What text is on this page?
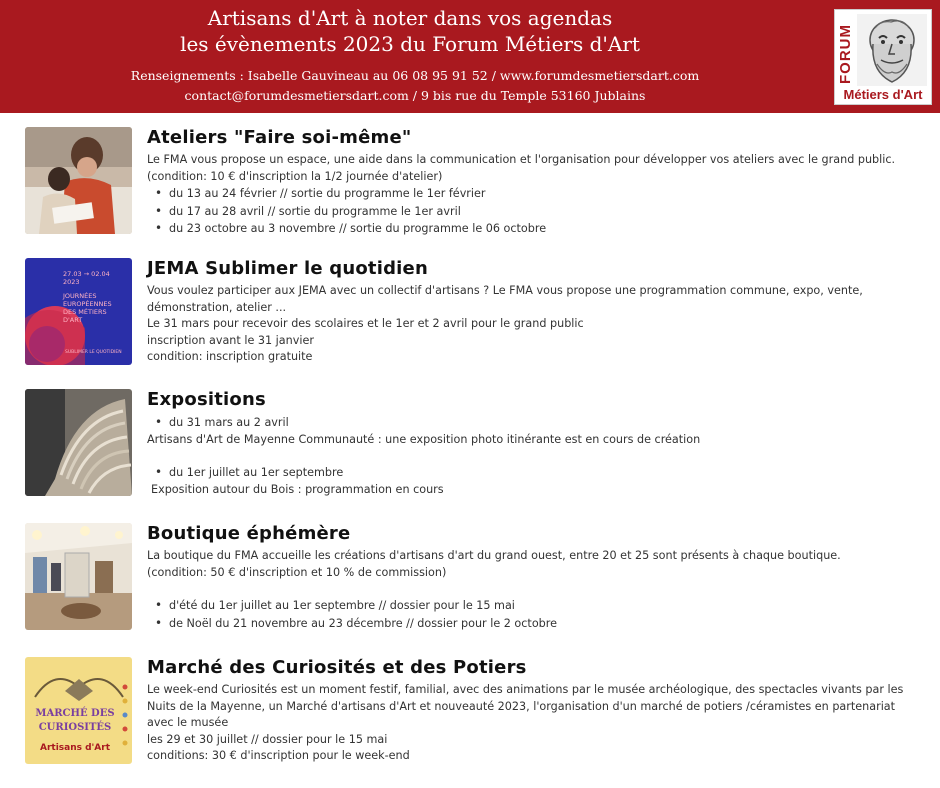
Artisans d'Art à noter dans vos agendas
les évènements 2023 du Forum Métiers d'Art
Renseignements : Isabelle Gauvineau au 06 08 95 91 52 / www.forumdesmetiersdart.com
contact@forumdesmetiersdart.com / 9 bis rue du Temple 53160 Jublains
FORUM
Métiers d'Art
Ateliers "Faire soi-même"
Le FMA vous propose un espace, une aide dans la communication et l'organisation pour développer vos ateliers avec le grand public.
(condition: 10 € d'inscription la 1/2 journée d'atelier)
• du 13 au 24 février // sortie du programme le 1er février
• du 17 au 28 avril // sortie du programme le 1er avril
• du 23 octobre au 3 novembre // sortie du programme le 06 octobre
27.03 → 02.04
2023
JOURNÉES
EUROPÉENNES
DES MÉTIERS
D'ART
SUBLIMER LE QUOTIDIEN
JEMA Sublimer le quotidien
Vous voulez participer aux JEMA avec un collectif d'artisans ? Le FMA vous propose une programmation commune, expo, vente,
démonstration, atelier ...
Le 31 mars pour recevoir des scolaires et le 1er et 2 avril pour le grand public
inscription avant le 31 janvier
condition: inscription gratuite
Expositions
• du 31 mars au 2 avril
Artisans d'Art de Mayenne Communauté : une exposition photo itinérante est en cours de création
• du 1er juillet au 1er septembre
Exposition autour du Bois : programmation en cours
Boutique éphémère
La boutique du FMA accueille les créations d'artisans d'art du grand ouest, entre 20 et 25 sont présents à chaque boutique.
(condition: 50 € d'inscription et 10 % de commission)
• d'été du 1er juillet au 1er septembre // dossier pour le 15 mai
• de Noël du 21 novembre au 23 décembre // dossier pour le 2 octobre
MARCHÉ DES
CURIOSITÉS
Artisans d'Art
Marché des Curiosités et des Potiers
Le week-end Curiosités est un moment festif, familial, avec des animations par le musée archéologique, des spectacles vivants par les
Nuits de la Mayenne, un Marché d'artisans d'Art et nouveauté 2023, l'organisation d'un marché de potiers /céramistes en partenariat
avec le musée
les 29 et 30 juillet // dossier pour le 15 mai
conditions: 30 € d'inscription pour le week-end
